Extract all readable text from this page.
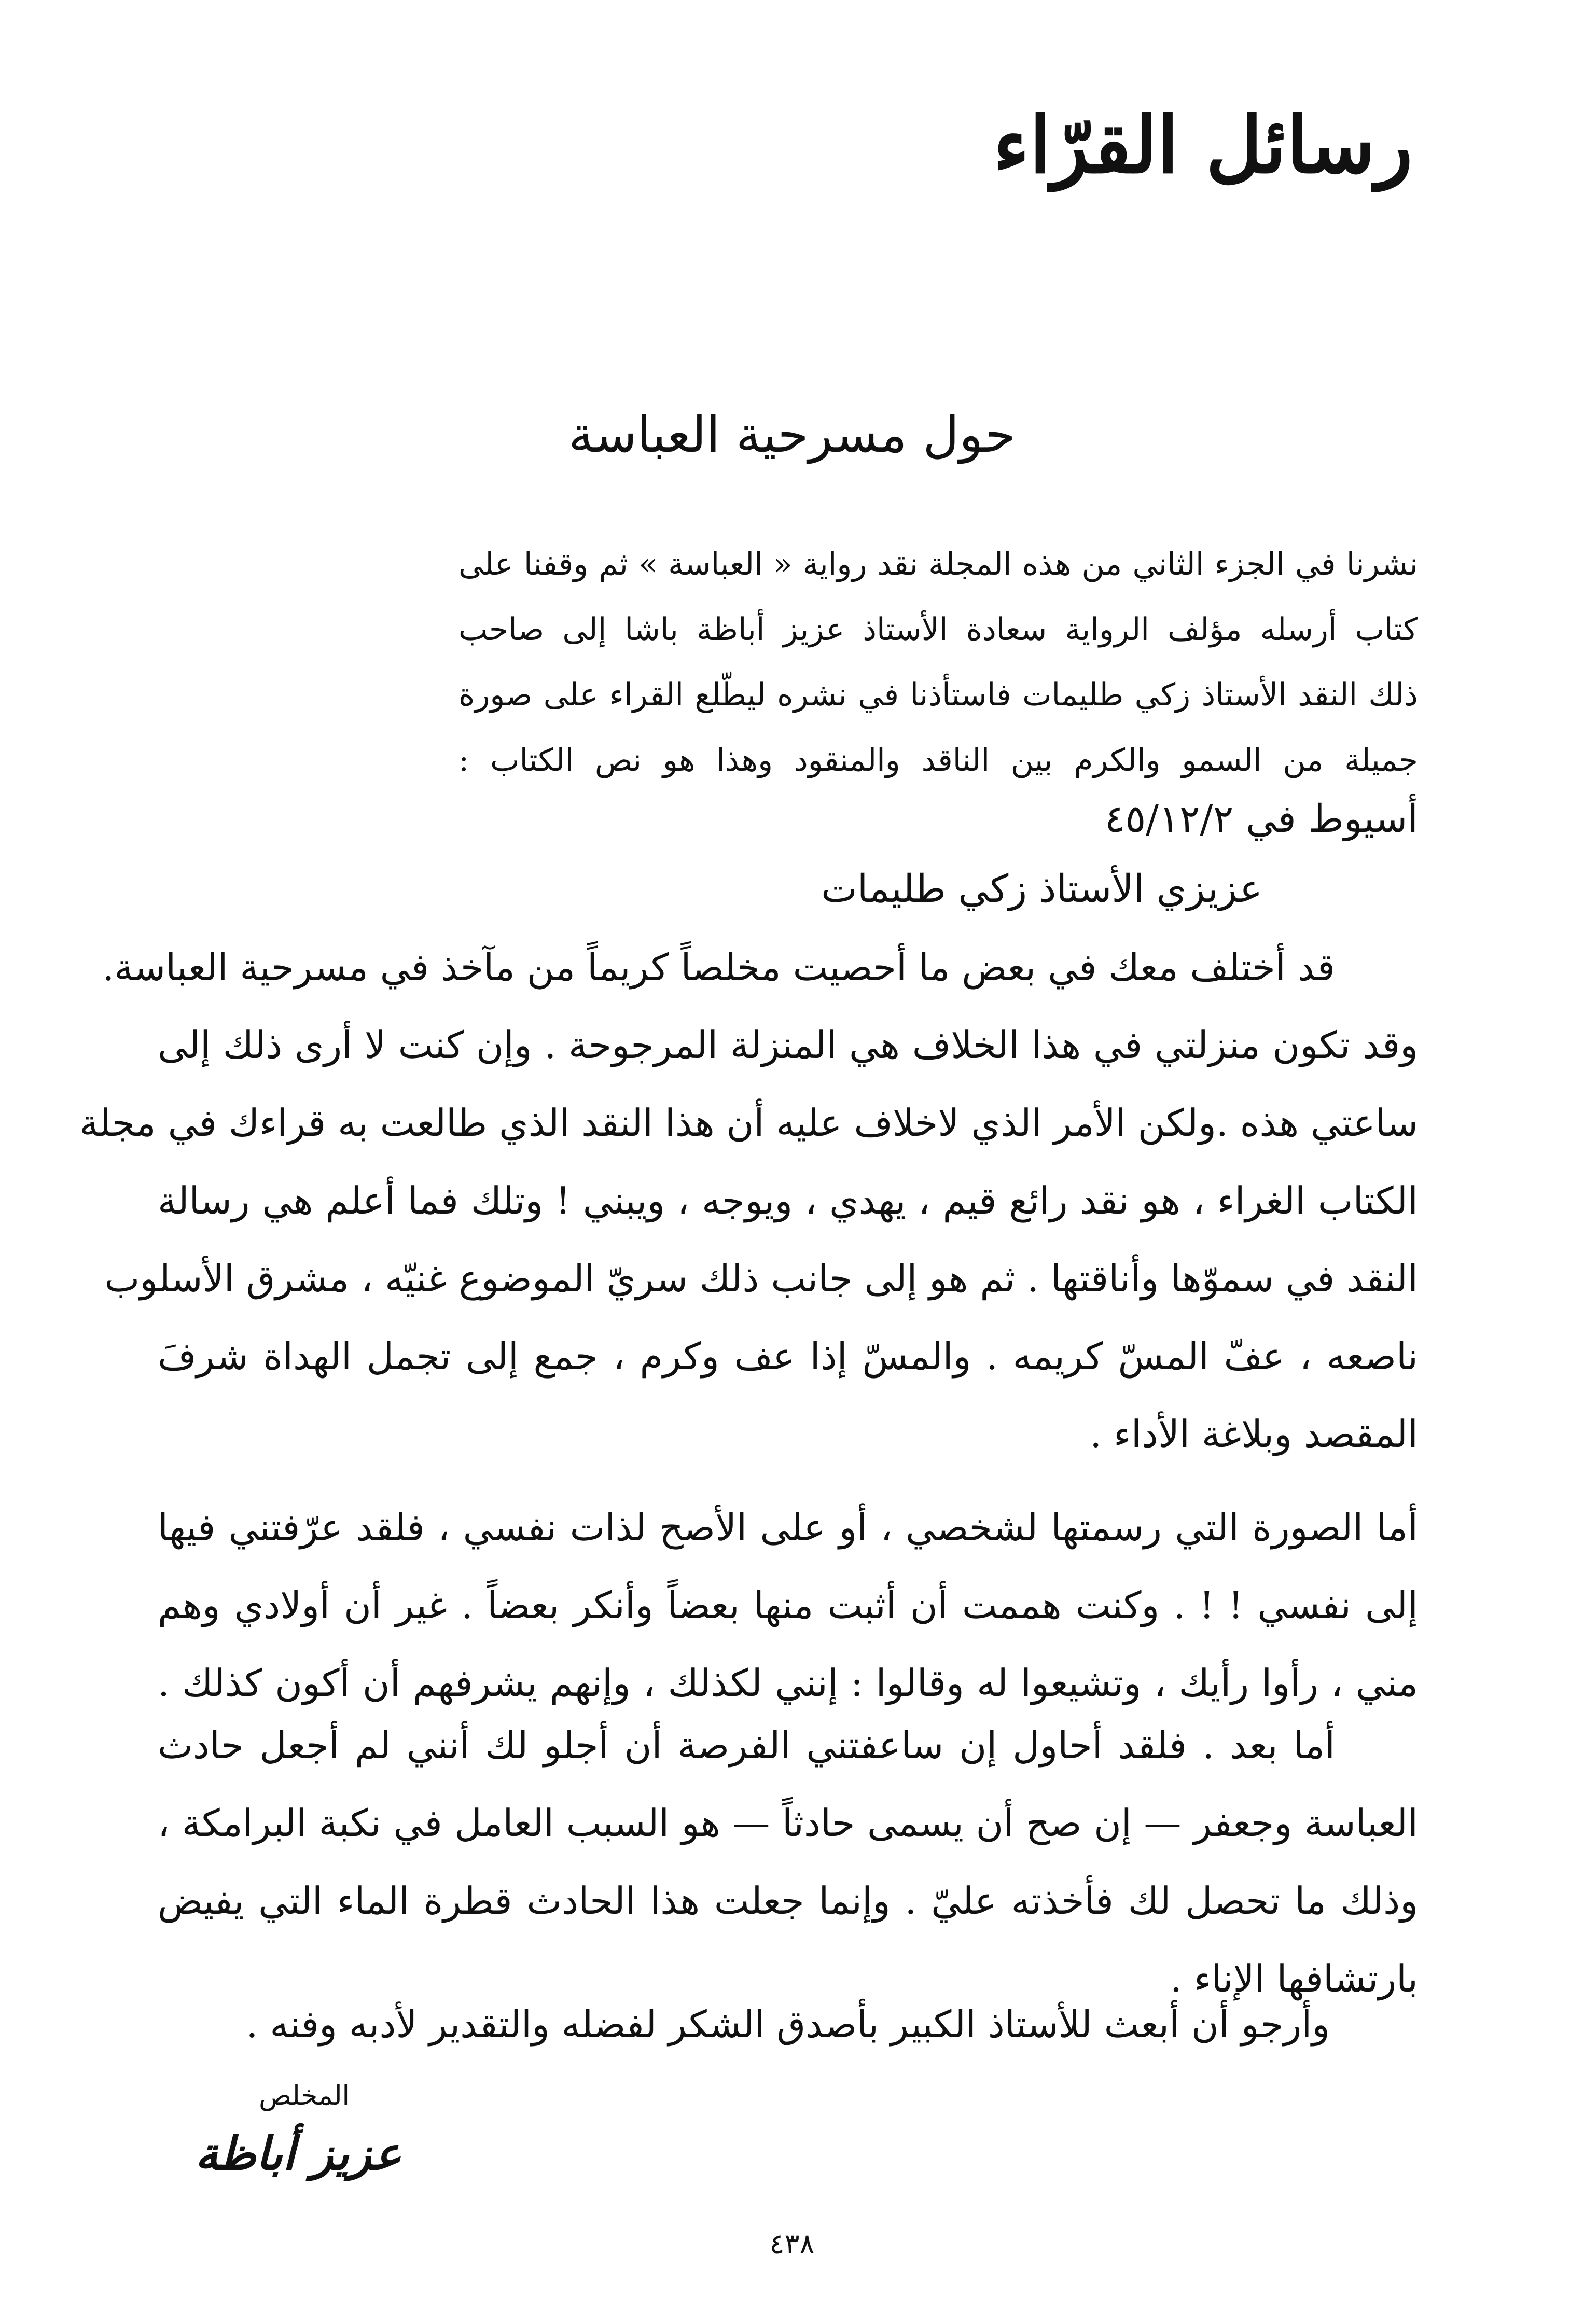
رسائل القرّاء
حول مسرحية العباسة
نشرنا في الجزء الثاني من هذه المجلة نقد رواية « العباسة » ثم وقفنا على
كتاب أرسله مؤلف الرواية سعادة الأستاذ عزيز أباظة باشا إلى صاحب
ذلك النقد الأستاذ زكي طليمات فاستأذنا في نشره ليطّلع القراء على صورة
جميلة من السمو والكرم بين الناقد والمنقود وهذا هو نص الكتاب :
أسيوط في ٤٥/١٢/٢
عزيزي الأستاذ زكي طليمات
قد أختلف معك في بعض ما أحصيت مخلصاً كريماً من مآخذ في مسرحية العباسة.
وقد تكون منزلتي في هذا الخلاف هي المنزلة المرجوحة . وإن كنت لا أرى ذلك إلى
ساعتي هذه .ولكن الأمر الذي لاخلاف عليه أن هذا النقد الذي طالعت به قراءك في مجلة
الكتاب الغراء ، هو نقد رائع قيم ، يهدي ، ويوجه ، ويبني ! وتلك فما أعلم هي رسالة
النقد في سموّها وأناقتها . ثم هو إلى جانب ذلك سريّ الموضوع غنيّه ، مشرق الأسلوب
ناصعه ، عفّ المسّ كريمه . والمسّ إذا عف وكرم ، جمع إلى تجمل الهداة شرفَ
المقصد وبلاغة الأداء .
أما الصورة التي رسمتها لشخصي ، أو على الأصح لذات نفسي ، فلقد عرّفتني فيها
إلى نفسي ! ! . وكنت هممت أن أثبت منها بعضاً وأنكر بعضاً . غير أن أولادي وهم
مني ، رأوا رأيك ، وتشيعوا له وقالوا : إنني لكذلك ، وإنهم يشرفهم أن أكون كذلك .
أما بعد . فلقد أحاول إن ساعفتني الفرصة أن أجلو لك أنني لم أجعل حادث
العباسة وجعفر — إن صح أن يسمى حادثاً — هو السبب العامل في نكبة البرامكة ،
وذلك ما تحصل لك فأخذته عليّ . وإنما جعلت هذا الحادث قطرة الماء التي يفيض
بارتشافها الإناء .
وأرجو أن أبعث للأستاذ الكبير بأصدق الشكر لفضله والتقدير لأدبه وفنه .
المخلص
عزيز أباظة
٤٣٨
